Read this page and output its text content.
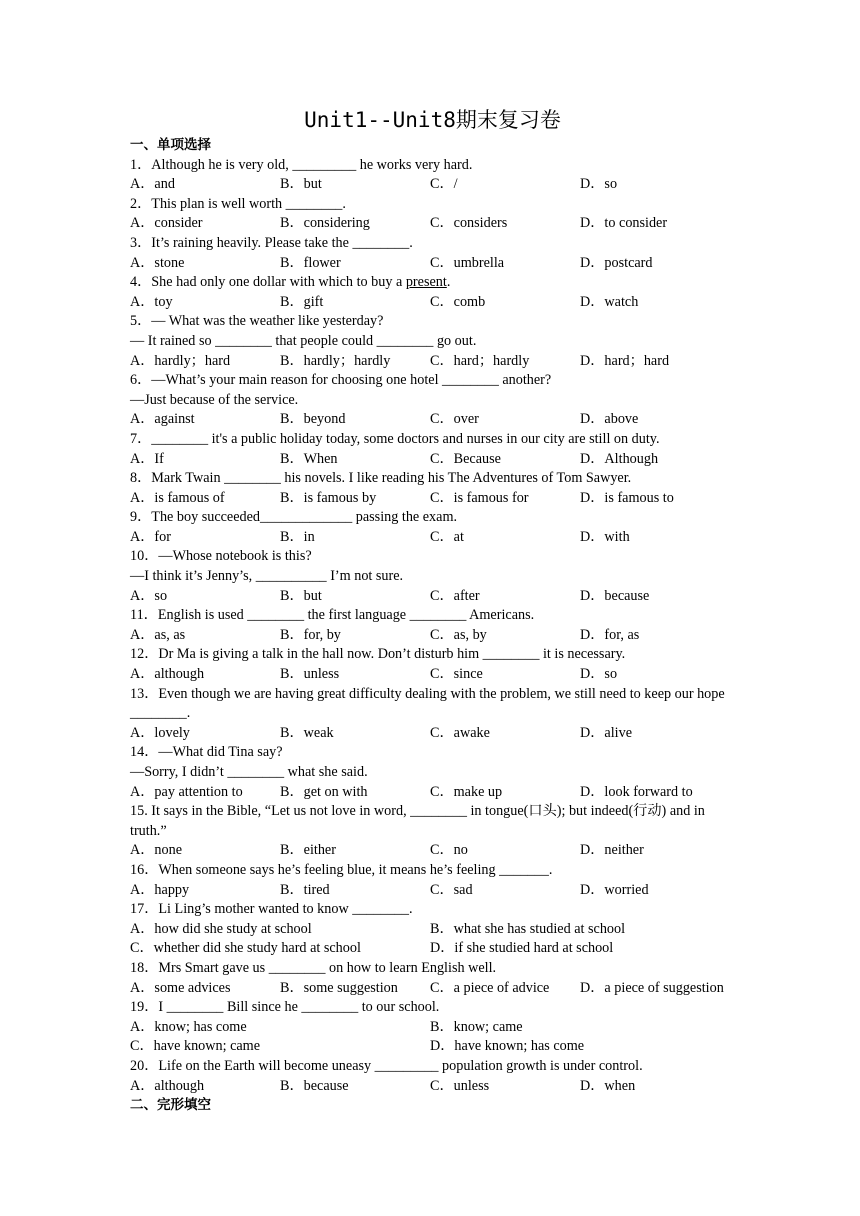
Unit1--Unit8期末复习卷
一、单项选择
1．Although he is very old, _________ he works very hard.
A．and	B．but	C．/	D．so
2．This plan is well worth ________.
A．consider	B．considering	C．considers	D．to consider
3．It’s raining heavily. Please take the ________.
A．stone	B．flower	C．umbrella	D．postcard
4．She had only one dollar with which to buy a present.
A．toy	B．gift	C．comb	D．watch
5．— What was the weather like yesterday?
— It rained so ________ that people could ________ go out.
A．hardly；hard	B．hardly；hardly	C．hard；hardly	D．hard；hard
6．—What’s your main reason for choosing one hotel ________ another?
—Just because of the service.
A．against	B．beyond	C．over	D．above
7．________ it's a public holiday today, some doctors and nurses in our city are still on duty.
A．If	B．When	C．Because	D．Although
8．Mark Twain ________ his novels. I like reading his The Adventures of Tom Sawyer.
A．is famous of	B．is famous by	C．is famous for	D．is famous to
9．The boy succeeded_____________ passing the exam.
A．for	B．in	C．at	D．with
10．—Whose notebook is this?
—I think it’s Jenny’s, __________ I’m not sure.
A．so	B．but	C．after	D．because
11．English is used ________ the first language ________ Americans.
A．as, as	B．for, by	C．as, by	D．for, as
12．Dr Ma is giving a talk in the hall now. Don’t disturb him ________ it is necessary.
A．although	B．unless	C．since	D．so
13．Even though we are having great difficulty dealing with the problem, we still need to keep our hope ________.
A．lovely	B．weak	C．awake	D．alive
14．—What did Tina say?
—Sorry, I didn’t ________ what she said.
A．pay attention to	B．get on with	C．make up	D．look forward to
15. It says in the Bible, “Let us not love in word, ________ in tongue(口头); but indeed(行动) and in truth.”
A．none	B．either	C．no	D．neither
16．When someone says he’s feeling blue, it means he’s feeling _______.
A．happy	B．tired	C．sad	D．worried
17．Li Ling’s mother wanted to know ________.
A．how did she study at school	B．what she has studied at school
C．whether did she study hard at school	D．if she studied hard at school
18．Mrs Smart gave us ________ on how to learn English well.
A．some advices	B．some suggestion C．a piece of advice D．a piece of suggestion
19．I ________ Bill since he ________ to our school.
A．know; has come	B．know; came
C．have known; came	D．have known; has come
20．Life on the Earth will become uneasy _________ population growth is under control.
A．although	B．because	C．unless	D．when
二、完形填空
